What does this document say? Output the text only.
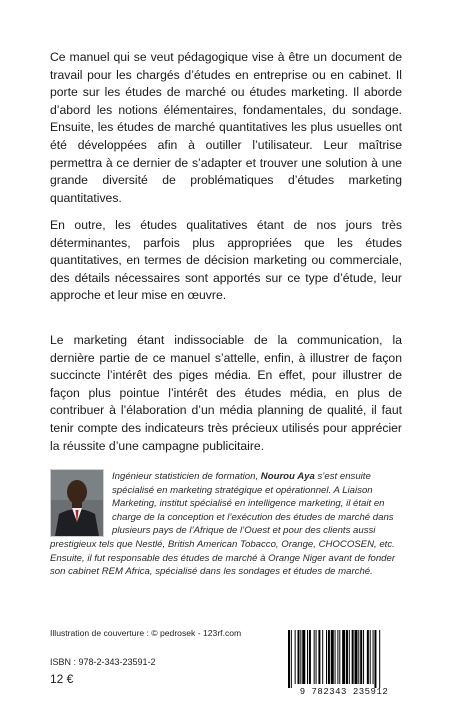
Ce manuel qui se veut pédagogique vise à être un document de travail pour les chargés d’études en entreprise ou en cabinet. Il porte sur les études de marché ou études marketing. Il aborde d’abord les notions élémentaires, fondamentales, du sondage. Ensuite, les études de marché quantitatives les plus usuelles ont été développées afin à outiller l’utilisateur. Leur maîtrise permettra à ce dernier de s’adapter et trouver une solution à une grande diversité de problématiques d’études marketing quantitatives.

En outre, les études qualitatives étant de nos jours très déterminantes, parfois plus appropriées que les études quantitatives, en termes de décision marketing ou commerciale, des détails nécessaires sont apportés sur ce type d’étude, leur approche et leur mise en œuvre.

Le marketing étant indissociable de la communication, la dernière partie de ce manuel s’attelle, enfin, à illustrer de façon succincte l’intérêt des piges média. En effet, pour illustrer de façon plus pointue l’intérêt des études média, en plus de contribuer à l’élaboration d’un média planning de qualité, il faut tenir compte des indicateurs très précieux utilisés pour apprécier la réussite d’une campagne publicitaire.

Ingénieur statisticien de formation, Nourou Aya s’est ensuite spécialisé en marketing stratégique et opérationnel. A Liaison Marketing, institut spécialisé en intelligence marketing, il était en charge de la conception et l’exécution des études de marché dans plusieurs pays de l’Afrique de l’Ouest et pour des clients aussi prestigieux tels que Nestlé, British American Tobacco, Orange, CHOCOSEN, etc. Ensuite, il fut responsable des études de marché à Orange Niger avant de fonder son cabinet REM Africa, spécialisé dans les sondages et études de marché.

Illustration de couverture : © pedrosek - 123rf.com

ISBN : 978-2-343-23591-2

12 €

9 782343 235912
